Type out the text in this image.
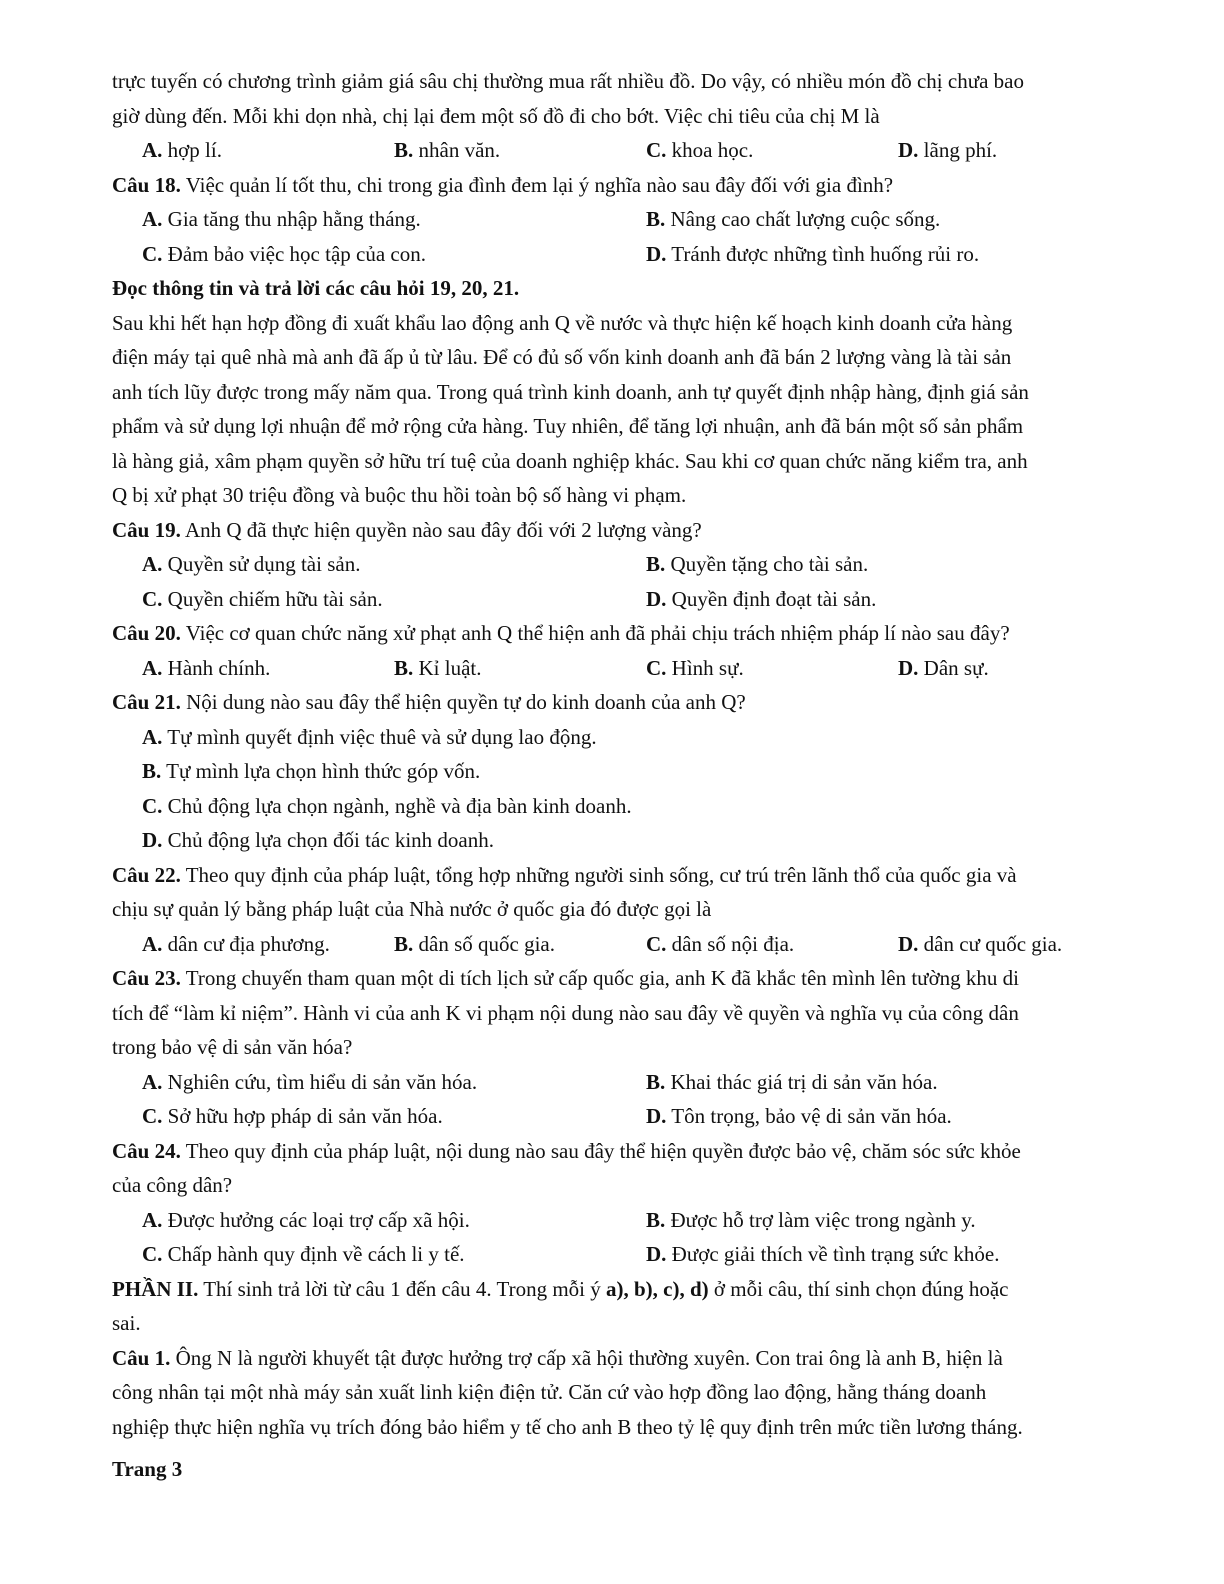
trực tuyến có chương trình giảm giá sâu chị thường mua rất nhiều đồ. Do vậy, có nhiều món đồ chị chưa bao

giờ dùng đến. Mỗi khi dọn nhà, chị lại đem một số đồ đi cho bớt. Việc chi tiêu của chị M là

A. hợp lí.	B. nhân văn.	C. khoa học.	D. lãng phí.

Câu 18. Việc quản lí tốt thu, chi trong gia đình đem lại ý nghĩa nào sau đây đối với gia đình?

A. Gia tăng thu nhập hằng tháng.	B. Nâng cao chất lượng cuộc sống.
C. Đảm bảo việc học tập của con.	D. Tránh được những tình huống rủi ro.

Đọc thông tin và trả lời các câu hỏi 19, 20, 21.

Sau khi hết hạn hợp đồng đi xuất khẩu lao động anh Q về nước và thực hiện kế hoạch kinh doanh cửa hàng

điện máy tại quê nhà mà anh đã ấp ủ từ lâu. Để có đủ số vốn kinh doanh anh đã bán 2 lượng vàng là tài sản

anh tích lũy được trong mấy năm qua. Trong quá trình kinh doanh, anh tự quyết định nhập hàng, định giá sản

phẩm và sử dụng lợi nhuận để mở rộng cửa hàng. Tuy nhiên, để tăng lợi nhuận, anh đã bán một số sản phẩm

là hàng giả, xâm phạm quyền sở hữu trí tuệ của doanh nghiệp khác. Sau khi cơ quan chức năng kiểm tra, anh

Q bị xử phạt 30 triệu đồng và buộc thu hồi toàn bộ số hàng vi phạm.

Câu 19. Anh Q đã thực hiện quyền nào sau đây đối với 2 lượng vàng?

A. Quyền sử dụng tài sản.	B. Quyền tặng cho tài sản.
C. Quyền chiếm hữu tài sản.	D. Quyền định đoạt tài sản.

Câu 20. Việc cơ quan chức năng xử phạt anh Q thể hiện anh đã phải chịu trách nhiệm pháp lí nào sau đây?

A. Hành chính.	B. Kỉ luật.	C. Hình sự.	D. Dân sự.

Câu 21. Nội dung nào sau đây thể hiện quyền tự do kinh doanh của anh Q?

A. Tự mình quyết định việc thuê và sử dụng lao động.

B. Tự mình lựa chọn hình thức góp vốn.

C. Chủ động lựa chọn ngành, nghề và địa bàn kinh doanh.

D. Chủ động lựa chọn đối tác kinh doanh.

Câu 22. Theo quy định của pháp luật, tổng hợp những người sinh sống, cư trú trên lãnh thổ của quốc gia và

chịu sự quản lý bằng pháp luật của Nhà nước ở quốc gia đó được gọi là

A. dân cư địa phương.	B. dân số quốc gia.	C. dân số nội địa.	D. dân cư quốc gia.

Câu 23. Trong chuyến tham quan một di tích lịch sử cấp quốc gia, anh K đã khắc tên mình lên tường khu di

tích để “làm kỉ niệm”. Hành vi của anh K vi phạm nội dung nào sau đây về quyền và nghĩa vụ của công dân

trong bảo vệ di sản văn hóa?

A. Nghiên cứu, tìm hiểu di sản văn hóa.	B. Khai thác giá trị di sản văn hóa.
C. Sở hữu hợp pháp di sản văn hóa.	D. Tôn trọng, bảo vệ di sản văn hóa.

Câu 24. Theo quy định của pháp luật, nội dung nào sau đây thể hiện quyền được bảo vệ, chăm sóc sức khỏe

của công dân?

A. Được hưởng các loại trợ cấp xã hội.	B. Được hỗ trợ làm việc trong ngành y.
C. Chấp hành quy định về cách li y tế.	D. Được giải thích về tình trạng sức khỏe.

PHẦN II. Thí sinh trả lời từ câu 1 đến câu 4. Trong mỗi ý a), b), c), d) ở mỗi câu, thí sinh chọn đúng hoặc

sai.

Câu 1. Ông N là người khuyết tật được hưởng trợ cấp xã hội thường xuyên. Con trai ông là anh B, hiện là

công nhân tại một nhà máy sản xuất linh kiện điện tử. Căn cứ vào hợp đồng lao động, hằng tháng doanh

nghiệp thực hiện nghĩa vụ trích đóng bảo hiểm y tế cho anh B theo tỷ lệ quy định trên mức tiền lương tháng.

Trang 3
